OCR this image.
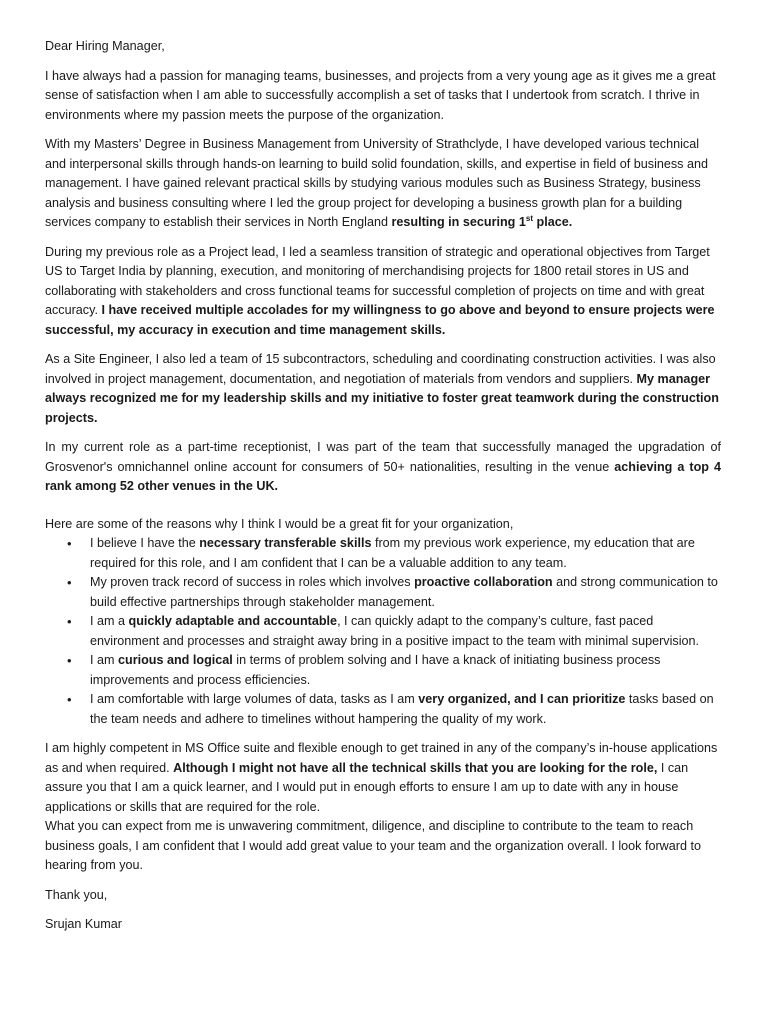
Dear Hiring Manager,

I have always had a passion for managing teams, businesses, and projects from a very young age as it gives me a great sense of satisfaction when I am able to successfully accomplish a set of tasks that I undertook from scratch. I thrive in environments where my passion meets the purpose of the organization.

With my Masters’ Degree in Business Management from University of Strathclyde, I have developed various technical and interpersonal skills through hands-on learning to build solid foundation, skills, and expertise in field of business and management. I have gained relevant practical skills by studying various modules such as Business Strategy, business analysis and business consulting where I led the group project for developing a business growth plan for a building services company to establish their services in North England resulting in securing 1st place.

During my previous role as a Project lead, I led a seamless transition of strategic and operational objectives from Target US to Target India by planning, execution, and monitoring of merchandising projects for 1800 retail stores in US and collaborating with stakeholders and cross functional teams for successful completion of projects on time and with great accuracy. I have received multiple accolades for my willingness to go above and beyond to ensure projects were successful, my accuracy in execution and time management skills.

As a Site Engineer, I also led a team of 15 subcontractors, scheduling and coordinating construction activities. I was also involved in project management, documentation, and negotiation of materials from vendors and suppliers. My manager always recognized me for my leadership skills and my initiative to foster great teamwork during the construction projects.

In my current role as a part-time receptionist, I was part of the team that successfully managed the upgradation of Grosvenor's omnichannel online account for consumers of 50+ nationalities, resulting in the venue achieving a top 4 rank among 52 other venues in the UK.

Here are some of the reasons why I think I would be a great fit for your organization,

• I believe I have the necessary transferable skills from my previous work experience, my education that are required for this role, and I am confident that I can be a valuable addition to any team.
• My proven track record of success in roles which involves proactive collaboration and strong communication to build effective partnerships through stakeholder management.
• I am a quickly adaptable and accountable, I can quickly adapt to the company’s culture, fast paced environment and processes and straight away bring in a positive impact to the team with minimal supervision.
• I am curious and logical in terms of problem solving and I have a knack of initiating business process improvements and process efficiencies.
• I am comfortable with large volumes of data, tasks as I am very organized, and I can prioritize tasks based on the team needs and adhere to timelines without hampering the quality of my work.

I am highly competent in MS Office suite and flexible enough to get trained in any of the company’s in-house applications as and when required. Although I might not have all the technical skills that you are looking for the role, I can assure you that I am a quick learner, and I would put in enough efforts to ensure I am up to date with any in house applications or skills that are required for the role.

What you can expect from me is unwavering commitment, diligence, and discipline to contribute to the team to reach business goals, I am confident that I would add great value to your team and the organization overall. I look forward to hearing from you.

Thank you,

Srujan Kumar
